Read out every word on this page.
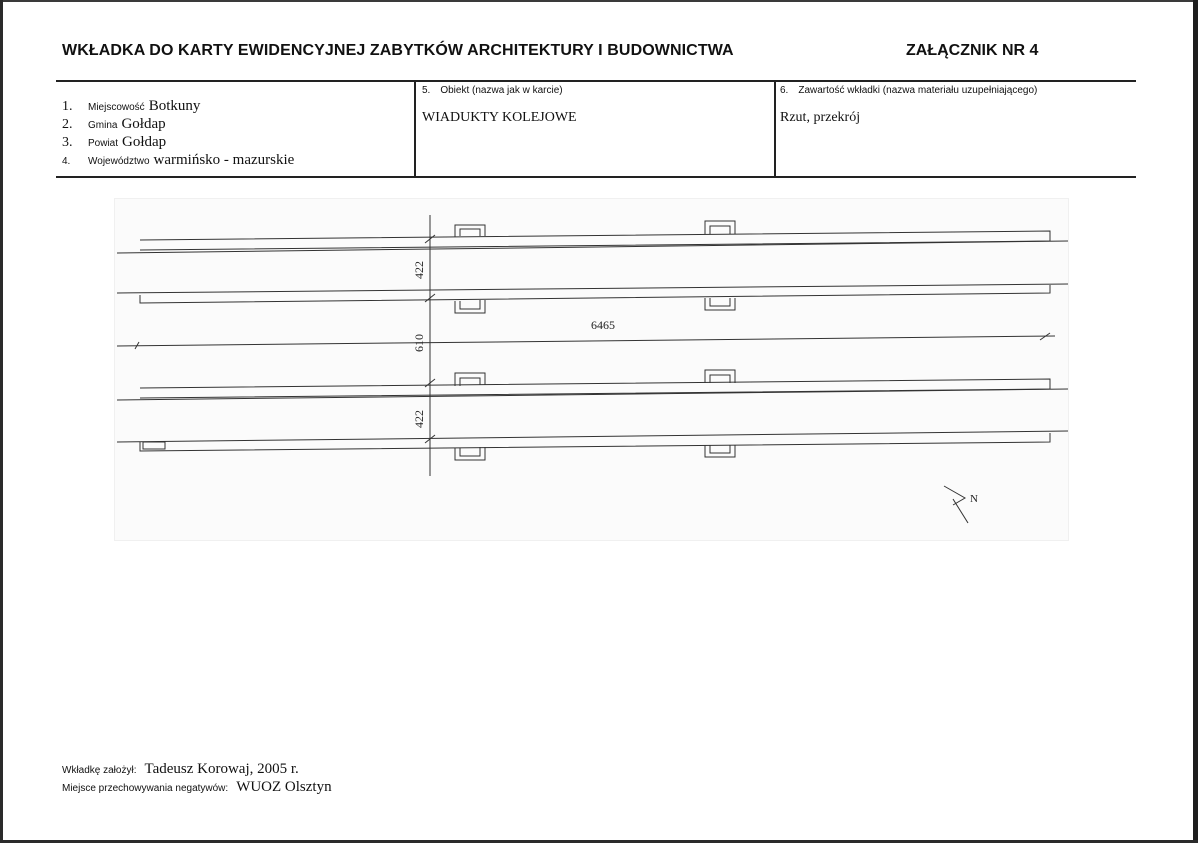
WKŁADKA DO KARTY EWIDENCYJNEJ ZABYTKÓW ARCHITEKTURY I BUDOWNICTWA	ZAŁĄCZNIK NR 4
1. Miejscowość Botkuny
2. Gmina Gołdap
3. Powiat Gołdap
4. Województwo warmińsko - mazurskie
5. Obiekt (nazwa jak w karcie)
WIADUKTY KOLEJOWE
6. Zawartość wkładki (nazwa materiału uzupełniającego)
Rzut, przekrój
422
610
422
6465
N
Wkładkę założył: Tadeusz Korowaj, 2005 r.
Miejsce przechowywania negatywów: WUOZ Olsztyn
